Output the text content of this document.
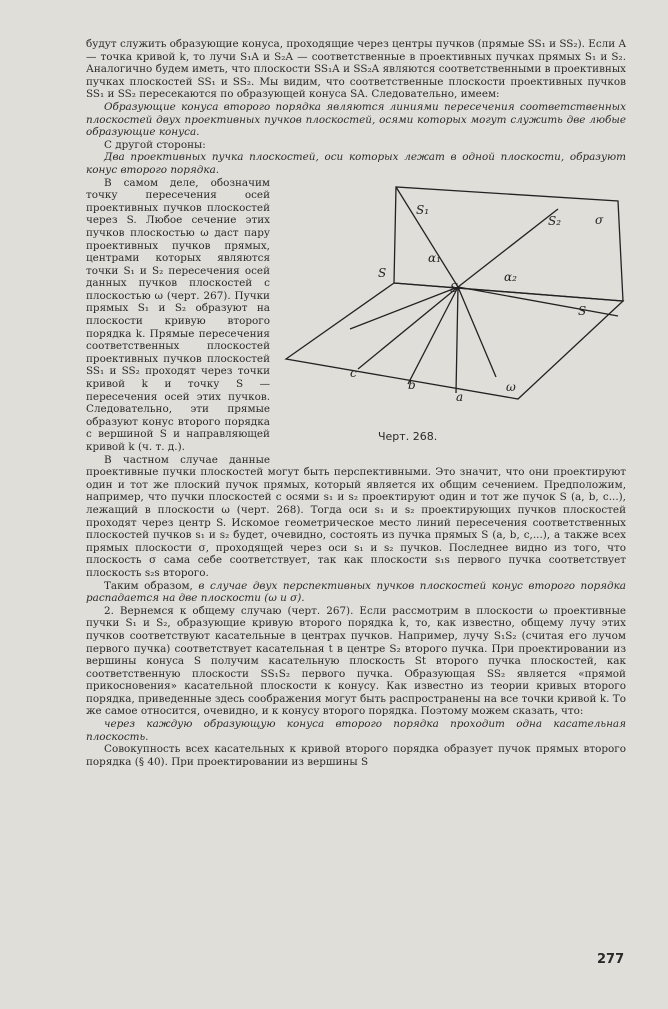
будут служить образующие конуса, проходящие через центры пучков (прямые SS₁ и SS₂). Если A — точка кривой k, то лучи S₁A и S₂A — соответственные в проективных пучках прямых S₁ и S₂. Аналогично будем иметь, что плоскости SS₁A и SS₂A являются соответственными в проективных пучках плоскостей SS₁ и SS₂. Мы видим, что соответственные плоскости проективных пучков SS₁ и SS₂ пересекаются по образующей конуса SA. Следовательно, имеем:

Образующие конуса второго порядка являются линиями пересечения соответственных плоскостей двух проективных пучков плоскостей, осями которых могут служить две любые образующие конуса.

С другой стороны:

Два проективных пучка плоскостей, оси которых лежат в одной плоскости, образуют конус второго порядка.

S₁
S₂	σ
S
S
α₁
α₂
S
c
b
a
ω
Черт. 268.

В самом деле, обозначим точку пересечения осей проективных пучков плоскостей через S. Любое сечение этих пучков плоскостью ω даст пару проективных пучков прямых, центрами которых являются точки S₁ и S₂ пересечения осей данных пучков плоскостей с плоскостью ω (черт. 267). Пучки прямых S₁ и S₂ образуют на плоскости кривую второго порядка k. Прямые пересечения соответственных плоскостей проективных пучков плоскостей SS₁ и SS₂ проходят через точки кривой k и точку S — пересечения осей этих пучков. Следовательно, эти прямые образуют конус второго порядка с вершиной S и направляющей кривой k (ч. т. д.).

В частном случае данные проективные пучки плоскостей могут быть перспективными. Это значит, что они проектируют один и тот же плоский пучок прямых, который является их общим сечением. Предположим, например, что пучки плоскостей с осями s₁ и s₂ проектируют один и тот же пучок S (a, b, c...), лежащий в плоскости ω (черт. 268). Тогда оси s₁ и s₂ проектирующих пучков плоскостей проходят через центр S. Искомое геометрическое место линий пересечения соответственных плоскостей пучков s₁ и s₂ будет, очевидно, состоять из пучка прямых S (a, b, c,...), а также всех прямых плоскости σ, проходящей через оси s₁ и s₂ пучков. Последнее видно из того, что плоскость σ сама себе соответствует, так как плоскости s₁s первого пучка соответствует плоскость s₂s второго.

Таким образом, в случае двух перспективных пучков плоскостей конус второго порядка распадается на две плоскости (ω и σ).

2. Вернемся к общему случаю (черт. 267). Если рассмотрим в плоскости ω проективные пучки S₁ и S₂, образующие кривую второго порядка k, то, как известно, общему лучу этих пучков соответствуют касательные в центрах пучков. Например, лучу S₁S₂ (считая его лучом первого пучка) соответствует касательная t в центре S₂ второго пучка. При проектировании из вершины конуса S получим касательную плоскость St второго пучка плоскостей, как соответственную плоскости SS₁S₂ первого пучка. Образующая SS₂ является «прямой прикосновения» касательной плоскости к конусу. Как известно из теории кривых второго порядка, приведенные здесь соображения могут быть распространены на все точки кривой k. То же самое относится, очевидно, и к конусу второго порядка. Поэтому можем сказать, что:

через каждую образующую конуса второго порядка проходит одна касательная плоскость.

Совокупность всех касательных к кривой второго порядка образует пучок прямых второго порядка (§ 40). При проектировании из вершины S

277
